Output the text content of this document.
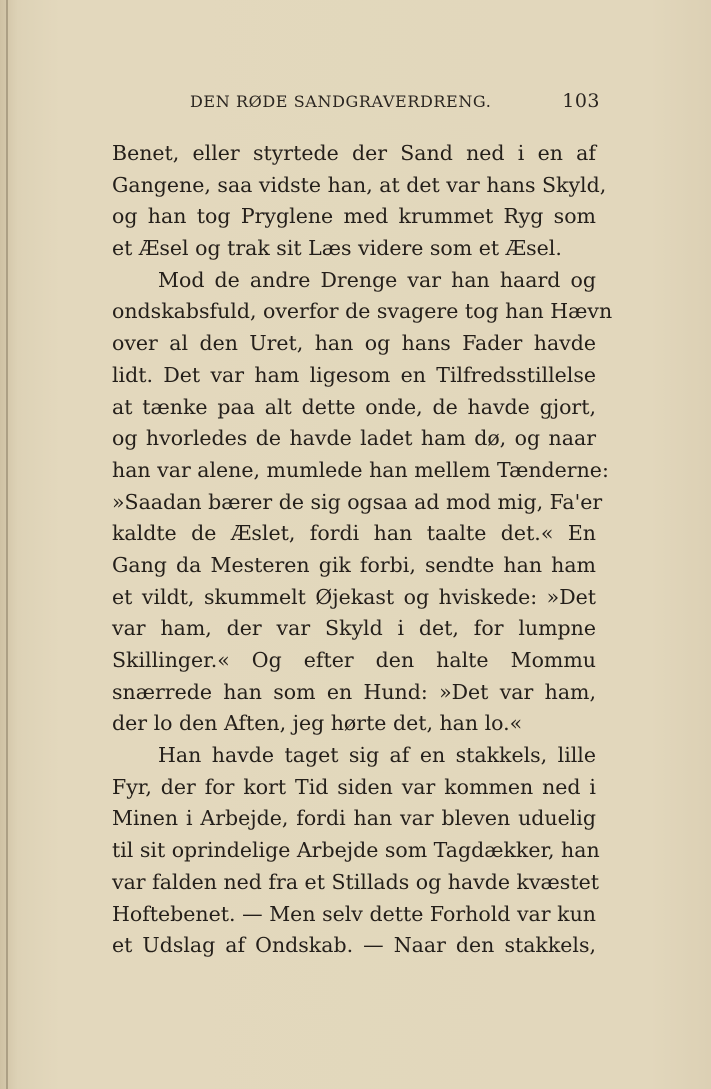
DEN RØDE SANDGRAVERDRENG.	103
Benet, eller styrtede der Sand ned i en af
Gangene, saa vidste han, at det var hans Skyld,
og han tog Pryglene med krummet Ryg som
et Æsel og trak sit Læs videre som et Æsel.
Mod de andre Drenge var han haard og
ondskabsfuld, overfor de svagere tog han Hævn
over al den Uret, han og hans Fader havde
lidt. Det var ham ligesom en Tilfredsstillelse
at tænke paa alt dette onde, de havde gjort,
og hvorledes de havde ladet ham dø, og naar
han var alene, mumlede han mellem Tænderne:
»Saadan bærer de sig ogsaa ad mod mig, Fa'er
kaldte de Æslet, fordi han taalte det.« En
Gang da Mesteren gik forbi, sendte han ham
et vildt, skummelt Øjekast og hviskede: »Det
var ham, der var Skyld i det, for lumpne
Skillinger.« Og efter den halte Mommu
snærrede han som en Hund: »Det var ham,
der lo den Aften, jeg hørte det, han lo.«
Han havde taget sig af en stakkels, lille
Fyr, der for kort Tid siden var kommen ned i
Minen i Arbejde, fordi han var bleven uduelig
til sit oprindelige Arbejde som Tagdækker, han
var falden ned fra et Stillads og havde kvæstet
Hoftebenet. — Men selv dette Forhold var kun
et Udslag af Ondskab. — Naar den stakkels,
